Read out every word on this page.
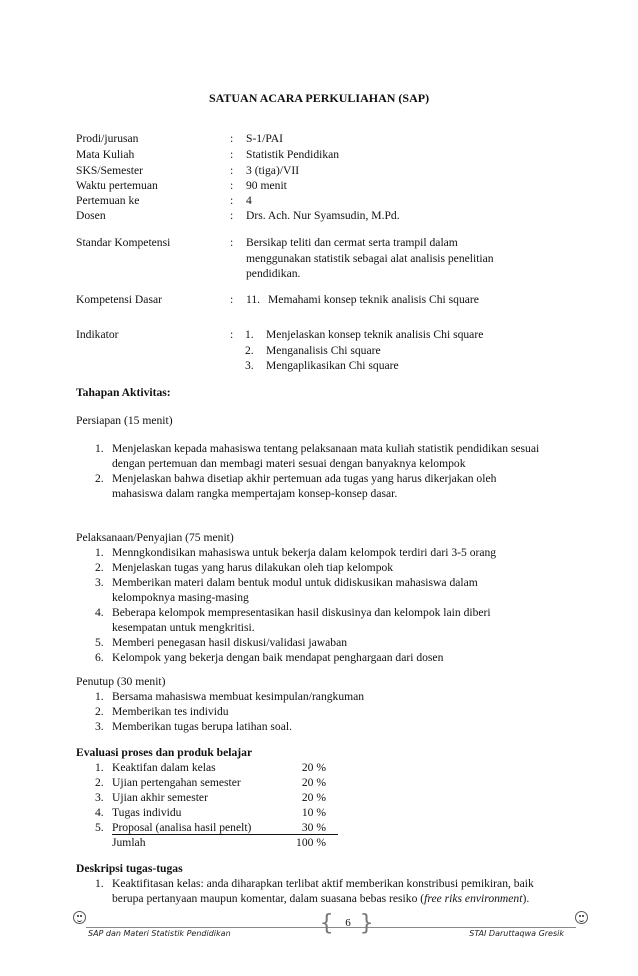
SATUAN ACARA PERKULIAHAN (SAP)
Prodi/jurusan	: S-1/PAI
Mata Kuliah	: Statistik Pendidikan
SKS/Semester	: 3 (tiga)/VII
Waktu pertemuan	: 90 menit
Pertemuan ke	: 4
Dosen	: Drs. Ach. Nur Syamsudin, M.Pd.
Standar Kompetensi	: Bersikap teliti dan cermat serta trampil dalam
menggunakan statistik sebagai alat analisis penelitian
pendidikan.
Kompetensi Dasar	: 11. Memahami konsep teknik analisis Chi square
Indikator	: 1. Menjelaskan konsep teknik analisis Chi square
2. Menganalisis Chi square
3. Mengaplikasikan Chi square
Tahapan Aktivitas:
Persiapan (15 menit)
1. Menjelaskan kepada mahasiswa tentang pelaksanaan mata kuliah statistik pendidikan sesuai
dengan pertemuan dan membagi materi sesuai dengan banyaknya kelompok
2. Menjelaskan bahwa disetiap akhir pertemuan ada tugas yang harus dikerjakan oleh
mahasiswa dalam rangka mempertajam konsep-konsep dasar.
Pelaksanaan/Penyajian (75 menit)
1. Menngkondisikan mahasiswa untuk bekerja dalam kelompok terdiri dari 3-5 orang
2. Menjelaskan tugas yang harus dilakukan oleh tiap kelompok
3. Memberikan materi dalam bentuk modul untuk didiskusikan mahasiswa dalam
kelompoknya masing-masing
4. Beberapa kelompok mempresentasikan hasil diskusinya dan kelompok lain diberi
kesempatan untuk mengkritisi.
5. Memberi penegasan hasil diskusi/validasi jawaban
6. Kelompok yang bekerja dengan baik mendapat penghargaan dari dosen
Penutup (30 menit)
1. Bersama mahasiswa membuat kesimpulan/rangkuman
2. Memberikan tes individu
3. Memberikan tugas berupa latihan soal.
Evaluasi proses dan produk belajar
1. Keaktifan dalam kelas	20 %
2. Ujian pertengahan semester	20 %
3. Ujian akhir semester	20 %
4. Tugas individu	10 %
5. Proposal (analisa hasil penelt)	30 %
Jumlah	100 %
Deskripsi tugas-tugas
1. Keaktifitasan kelas: anda diharapkan terlibat aktif memberikan konstribusi pemikiran, baik
berupa pertanyaan maupun komentar, dalam suasana bebas resiko (free riks environment).
{ }
6
SAP dan Materi Statistik Pendidikan	STAI Daruttaqwa Gresik
